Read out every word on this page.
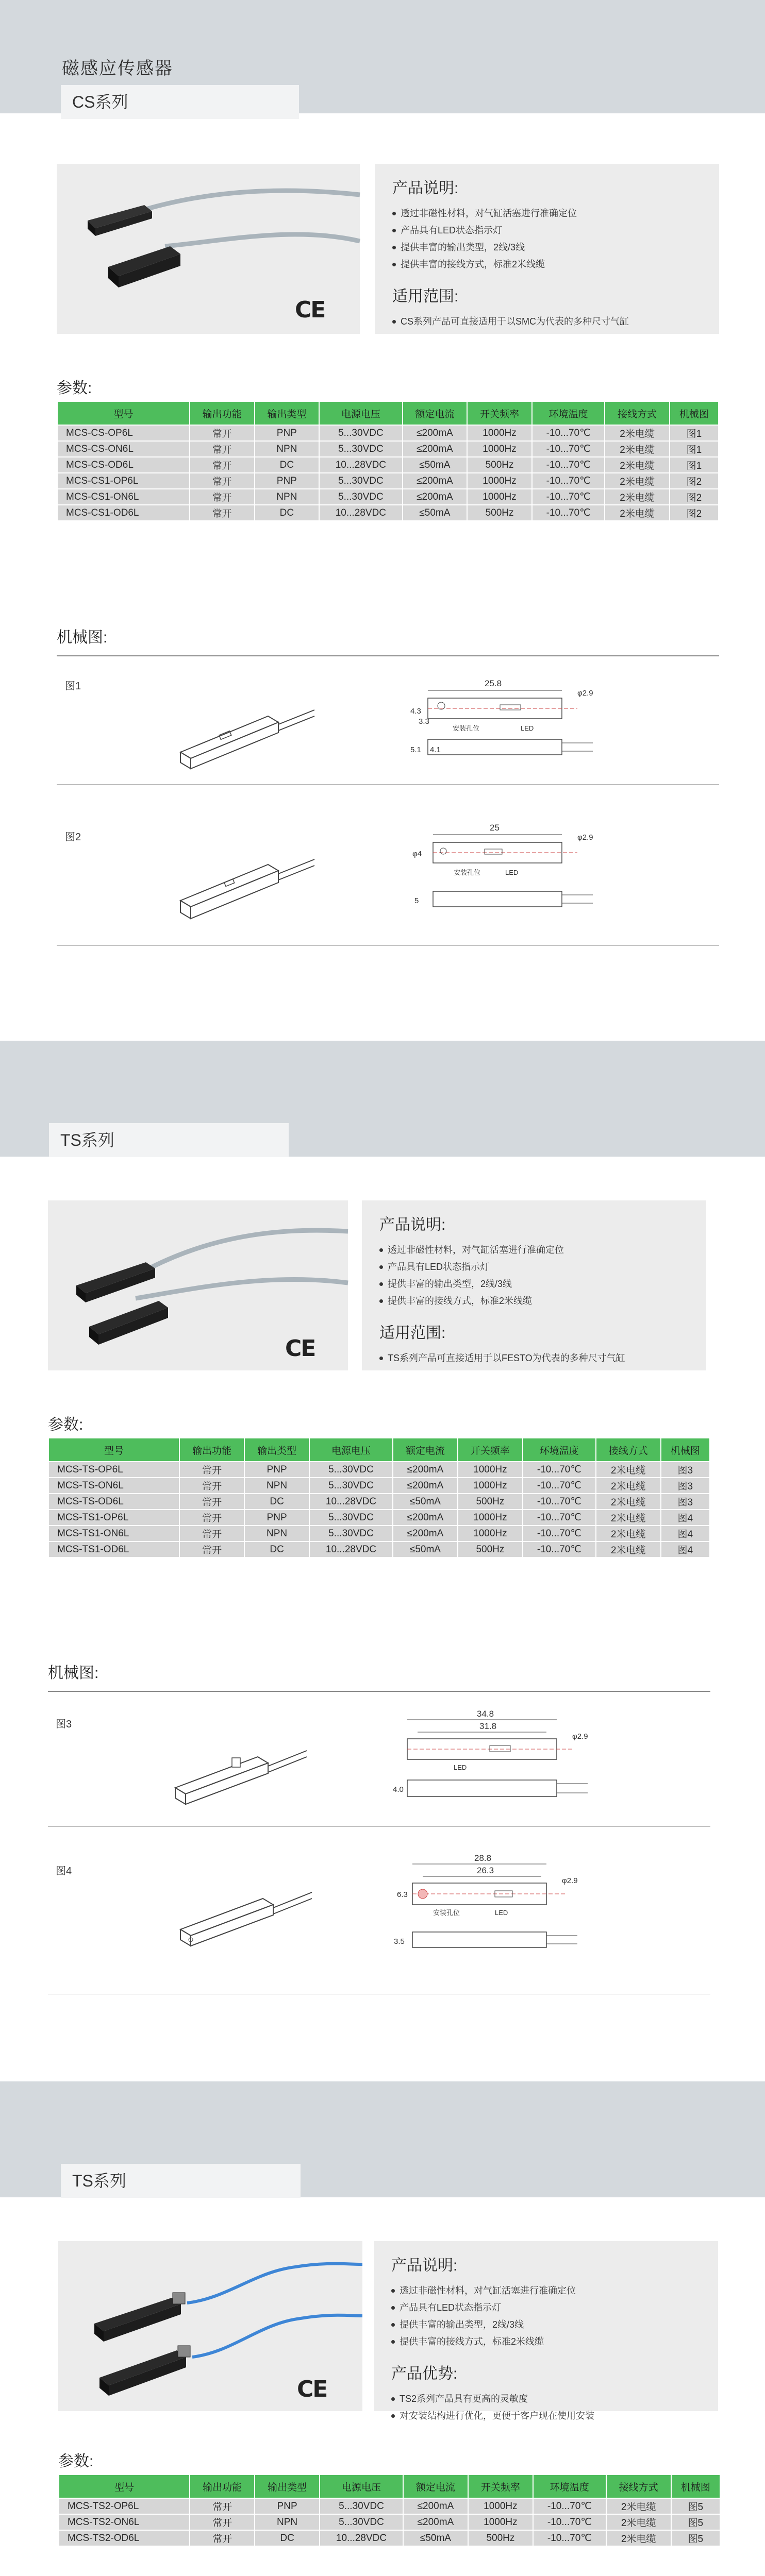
磁感应传感器
CS系列
CE
产品说明:
透过非磁性材料，对气缸活塞进行准确定位
产品具有LED状态指示灯
提供丰富的输出类型，2线/3线
提供丰富的接线方式，标准2米线缆
适用范围:
CS系列产品可直接适用于以SMC为代表的多种尺寸气缸
参数:
型号	输出功能	输出类型	电源电压	额定电流	开关频率	环境温度	接线方式	机械图
MCS-CS-OP6L	常开	PNP	5...30VDC	≤200mA	1000Hz	-10...70℃	2米电缆	图1
MCS-CS-ON6L	常开	NPN	5...30VDC	≤200mA	1000Hz	-10...70℃	2米电缆	图1
MCS-CS-OD6L	常开	DC	10...28VDC	≤50mA	500Hz	-10...70℃	2米电缆	图1
MCS-CS1-OP6L	常开	PNP	5...30VDC	≤200mA	1000Hz	-10...70℃	2米电缆	图2
MCS-CS1-ON6L	常开	NPN	5...30VDC	≤200mA	1000Hz	-10...70℃	2米电缆	图2
MCS-CS1-OD6L	常开	DC	10...28VDC	≤50mA	500Hz	-10...70℃	2米电缆	图2
机械图:
图1	25.8
φ2.9
安装孔位	LED
4.3
3.3
5.1 4.1
图2
25
φ2.9
φ4
安装孔位	LED
5
TS系列
CE
产品说明:
透过非磁性材料，对气缸活塞进行准确定位
产品具有LED状态指示灯
提供丰富的输出类型，2线/3线
提供丰富的接线方式，标准2米线缆
适用范围:
TS系列产品可直接适用于以FESTO为代表的多种尺寸气缸
参数:
型号	输出功能	输出类型	电源电压	额定电流	开关频率	环境温度	接线方式	机械图
MCS-TS-OP6L	常开	PNP	5...30VDC	≤200mA	1000Hz	-10...70℃	2米电缆	图3
MCS-TS-ON6L	常开	NPN	5...30VDC	≤200mA	1000Hz	-10...70℃	2米电缆	图3
MCS-TS-OD6L	常开	DC	10...28VDC	≤50mA	500Hz	-10...70℃	2米电缆	图3
MCS-TS1-OP6L	常开	PNP	5...30VDC	≤200mA	1000Hz	-10...70℃	2米电缆	图4
MCS-TS1-ON6L	常开	NPN	5...30VDC	≤200mA	1000Hz	-10...70℃	2米电缆	图4
MCS-TS1-OD6L	常开	DC	10...28VDC	≤50mA	500Hz	-10...70℃	2米电缆	图4
机械图:
图3
34.8
31.8
φ2.9
LED
4.0
图4
28.8
26.3
φ2.9
6.3
安装孔位	LED
3.5
TS系列
CE
产品说明:
透过非磁性材料，对气缸活塞进行准确定位
产品具有LED状态指示灯
提供丰富的输出类型，2线/3线
提供丰富的接线方式，标准2米线缆
产品优势:
TS2系列产品具有更高的灵敏度
对安装结构进行优化，更便于客户现在使用安装
参数:
型号	输出功能	输出类型	电源电压	额定电流	开关频率	环境温度	接线方式	机械图
MCS-TS2-OP6L	常开	PNP	5...30VDC	≤200mA	1000Hz	-10...70℃	2米电缆	图5
MCS-TS2-ON6L	常开	NPN	5...30VDC	≤200mA	1000Hz	-10...70℃	2米电缆	图5
MCS-TS2-OD6L	常开	DC	10...28VDC	≤50mA	500Hz	-10...70℃	2米电缆	图5
